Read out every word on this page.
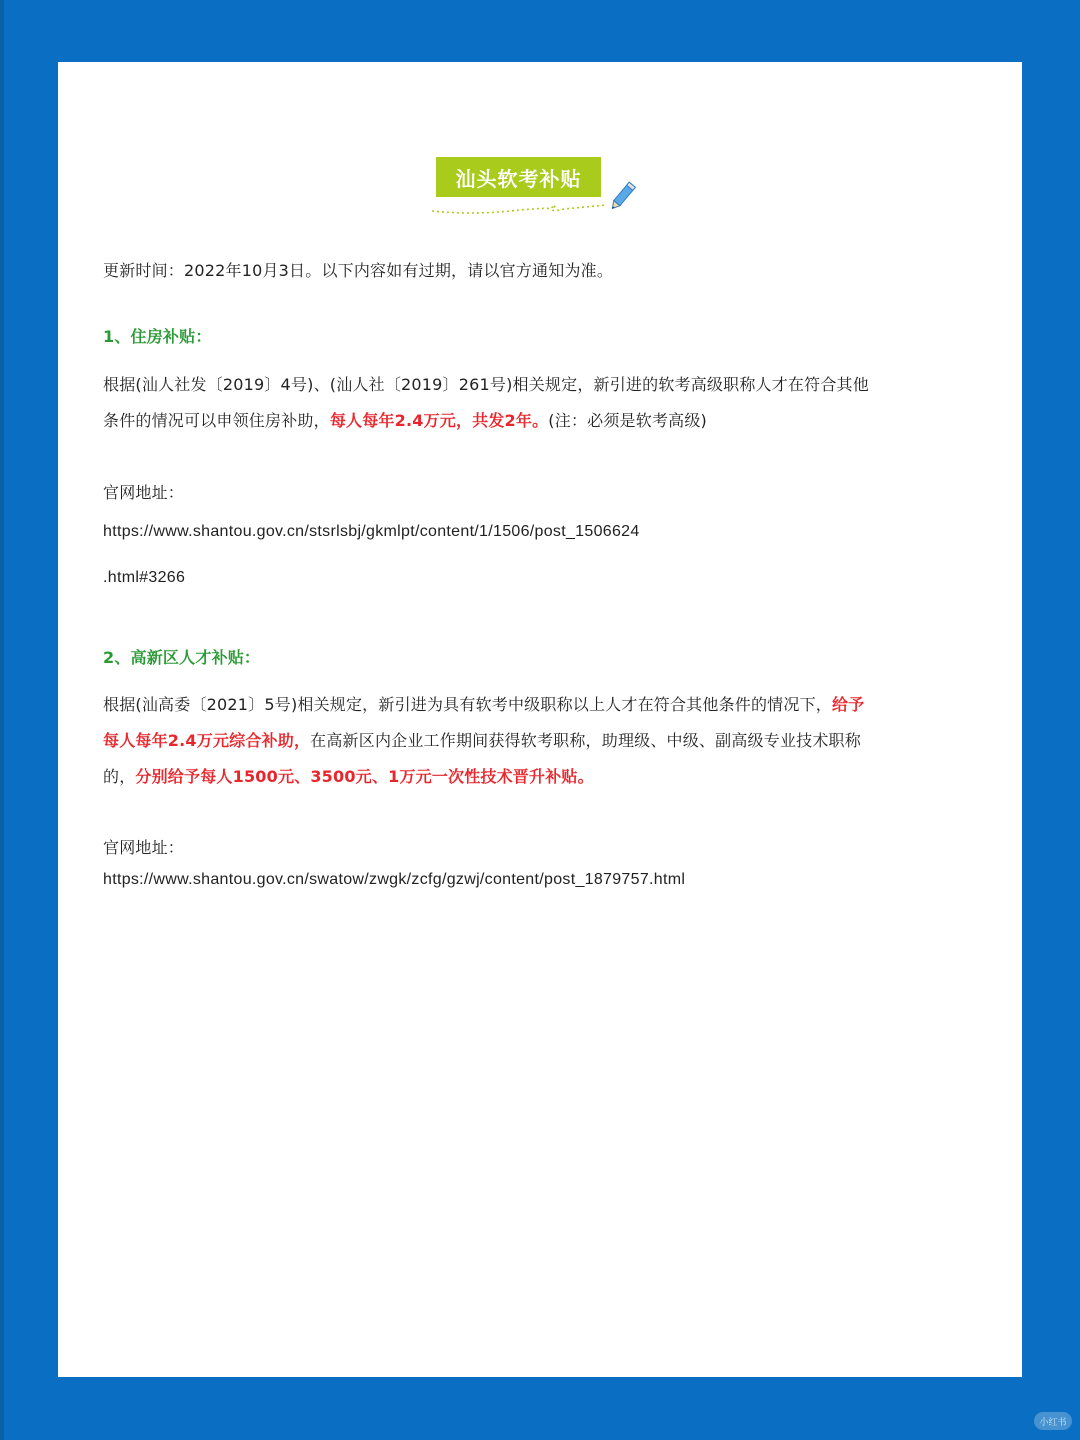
汕头软考补贴
更新时间：2022年10月3日。以下内容如有过期，请以官方通知为准。
1、住房补贴：
根据(汕人社发〔2019〕4号)、(汕人社〔2019〕261号)相关规定，新引进的软考高级职称人才在符合其他
条件的情况可以申领住房补助，每人每年2.4万元，共发2年。(注：必须是软考高级)
官网地址：
https://www.shantou.gov.cn/stsrlsbj/gkmlpt/content/1/1506/post_1506624
.html#3266
2、高新区人才补贴：
根据(汕高委〔2021〕5号)相关规定，新引进为具有软考中级职称以上人才在符合其他条件的情况下，给予
每人每年2.4万元综合补助，在高新区内企业工作期间获得软考职称，助理级、中级、副高级专业技术职称
的，分别给予每人1500元、3500元、1万元一次性技术晋升补贴。
官网地址：
https://www.shantou.gov.cn/swatow/zwgk/zcfg/gzwj/content/post_1879757.html
小红书
